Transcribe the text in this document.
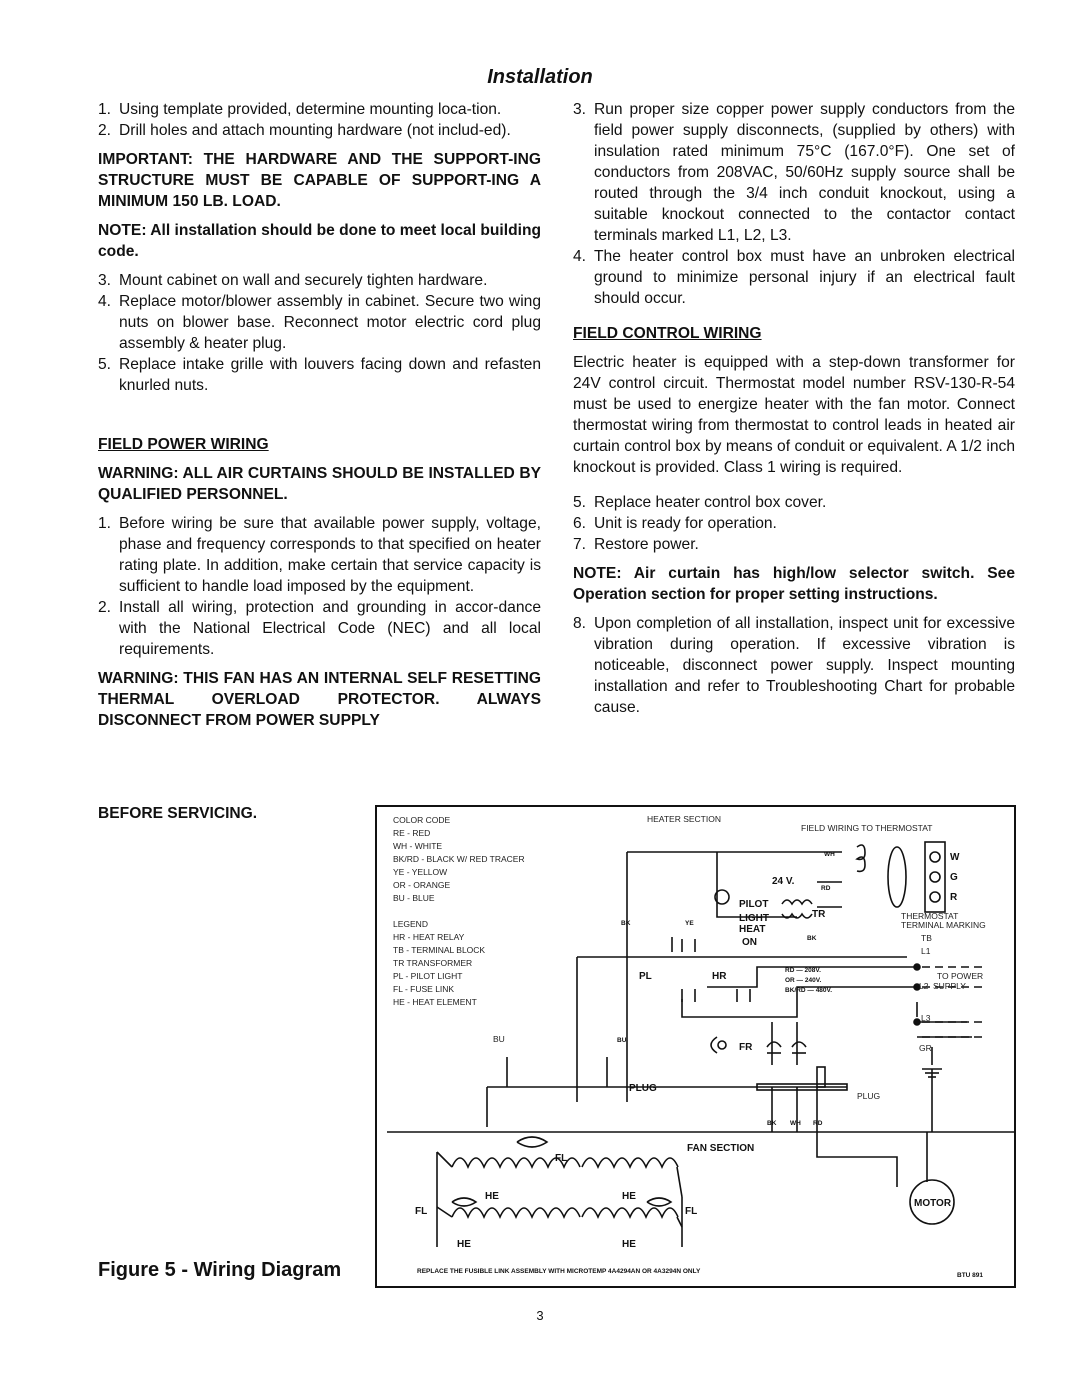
Installation
1. Using template provided, determine mounting loca-tion.
2. Drill holes and attach mounting hardware (not includ-ed).
IMPORTANT: THE HARDWARE AND THE SUPPORT-ING STRUCTURE MUST BE CAPABLE OF SUPPORT-ING A MINIMUM 150 LB. LOAD.
NOTE: All installation should be done to meet local building code.
3. Mount cabinet on wall and securely tighten hardware.
4. Replace motor/blower assembly in cabinet. Secure two wing nuts on blower base. Reconnect motor electric cord plug assembly & heater plug.
5. Replace intake grille with louvers facing down and refasten knurled nuts.
FIELD POWER WIRING
WARNING: ALL AIR CURTAINS SHOULD BE INSTALLED BY QUALIFIED PERSONNEL.
1. Before wiring be sure that available power supply, voltage, phase and frequency corresponds to that specified on heater rating plate. In addition, make certain that service capacity is sufficient to handle load imposed by the equipment.
2. Install all wiring, protection and grounding in accor-dance with the National Electrical Code (NEC) and all local requirements.
WARNING: THIS FAN HAS AN INTERNAL SELF RESETTING THERMAL OVERLOAD PROTECTOR. ALWAYS DISCONNECT FROM POWER SUPPLY
BEFORE SERVICING.
3. Run proper size copper power supply conductors from the field power supply disconnects, (supplied by others) with insulation rated minimum 75°C (167.0°F). One set of conductors from 208VAC, 50/60Hz supply source shall be routed through the 3/4 inch conduit knockout, using a suitable knockout connected to the contactor contact terminals marked L1, L2, L3.
4. The heater control box must have an unbroken electrical ground to minimize personal injury if an electrical fault should occur.
FIELD CONTROL WIRING
Electric heater is equipped with a step-down transformer for 24V control circuit. Thermostat model number RSV-130-R-54 must be used to energize heater with the fan motor. Connect thermostat wiring from thermostat to control leads in heated air curtain control box by means of conduit or equivalent. A 1/2 inch knockout is provided. Class 1 wiring is required.
5. Replace heater control box cover.
6. Unit is ready for operation.
7. Restore power.
NOTE: Air curtain has high/low selector switch. See Operation section for proper setting instructions.
8. Upon completion of all installation, inspect unit for excessive vibration during operation. If excessive vibration is noticeable, disconnect power supply. Inspect mounting installation and refer to Troubleshooting Chart for probable cause.
COLOR CODE
RE - RED
WH - WHITE
BK/RD - BLACK W/ RED TRACER
YE - YELLOW
OR - ORANGE
BU - BLUE
LEGEND
HR - HEAT RELAY
TB - TERMINAL BLOCK
TR TRANSFORMER
PL - PILOT LIGHT
FL - FUSE LINK
HE - HEAT ELEMENT
HEATER SECTION
FIELD WIRING TO THERMOSTAT
THERMOSTAT
TERMINAL MARKING
TB
L1
TO POWER
L2 SUPPLY
L3
GR
BU
PLUG
W
G
R
24 V.
PILOT
LIGHT
HEAT
ON
TR
PL	HR
FR
PLUG
FAN SECTION
MOTOR
HE	HE
HE	HE
FL
FL	FL
WH
BK	YE
BK
BU
RD
RD — 208V.
OR — 240V.
BK/RD — 480V.
BK WH RD
REPLACE THE FUSIBLE LINK ASSEMBLY WITH MICROTEMP 4A4294AN OR 4A3294N ONLY
BTU 891
Figure 5 - Wiring Diagram
3
